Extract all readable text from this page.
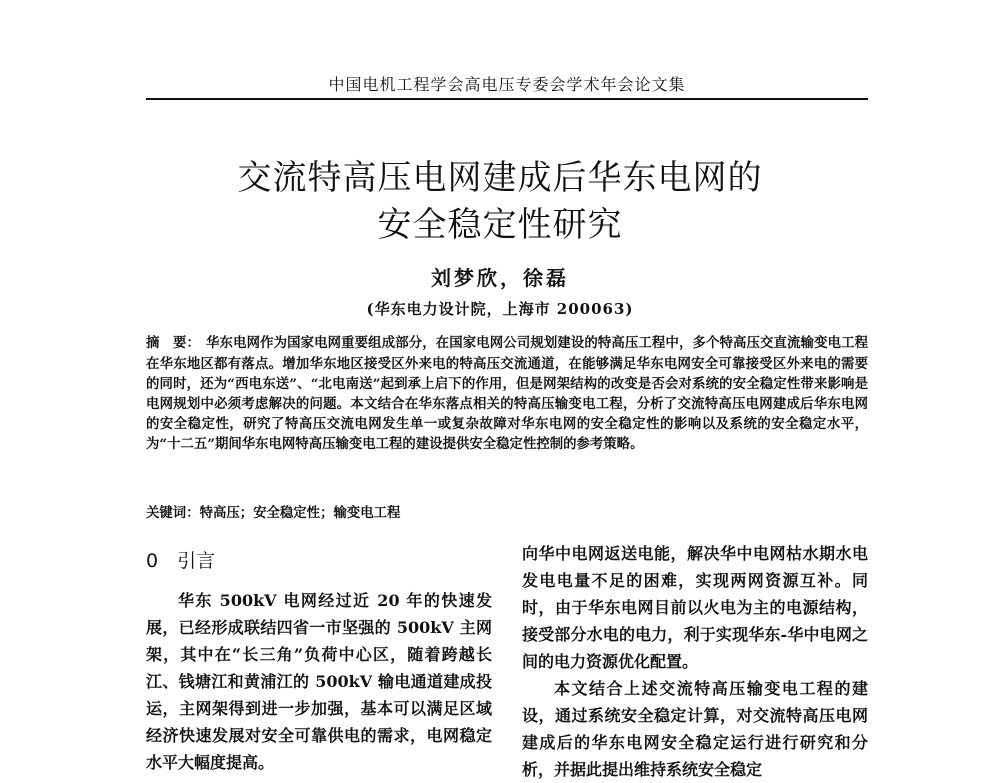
中国电机工程学会高电压专委会学术年会论文集
交流特高压电网建成后华东电网的
安全稳定性研究
刘梦欣，徐磊
(华东电力设计院，上海市 200063)
摘　要： 华东电网作为国家电网重要组成部分，在国家电网公司规划建设的特高压工程中，多个特高压交直流输变电工程在华东地区都有落点。增加华东地区接受区外来电的特高压交流通道，在能够满足华东电网安全可靠接受区外来电的需要的同时，还为“西电东送”、“北电南送”起到承上启下的作用，但是网架结构的改变是否会对系统的安全稳定性带来影响是电网规划中必须考虑解决的问题。本文结合在华东落点相关的特高压输变电工程，分析了交流特高压电网建成后华东电网的安全稳定性，研究了特高压交流电网发生单一或复杂故障对华东电网的安全稳定性的影响以及系统的安全稳定水平，为“十二五”期间华东电网特高压输变电工程的建设提供安全稳定性控制的参考策略。
关键词：特高压；安全稳定性；输变电工程
0　引言

华东 500kV 电网经过近 20 年的快速发展，已经形成联结四省一市坚强的 500kV 主网架，其中在“长三角”负荷中心区，随着跨越长江、钱塘江和黄浦江的 500kV 输电通道建成投运，主网架得到进一步加强，基本可以满足区域经济快速发展对安全可靠供电的需求，电网稳定水平大幅度提高。

向华中电网返送电能，解决华中电网枯水期水电发电电量不足的困难，实现两网资源互补。同时，由于华东电网目前以火电为主的电源结构，接受部分水电的电力，利于实现华东-华中电网之间的电力资源优化配置。

本文结合上述交流特高压输变电工程的建设，通过系统安全稳定计算，对交流特高压电网建成后的华东电网安全稳定运行进行研究和分析，并据此提出维持系统安全稳定
